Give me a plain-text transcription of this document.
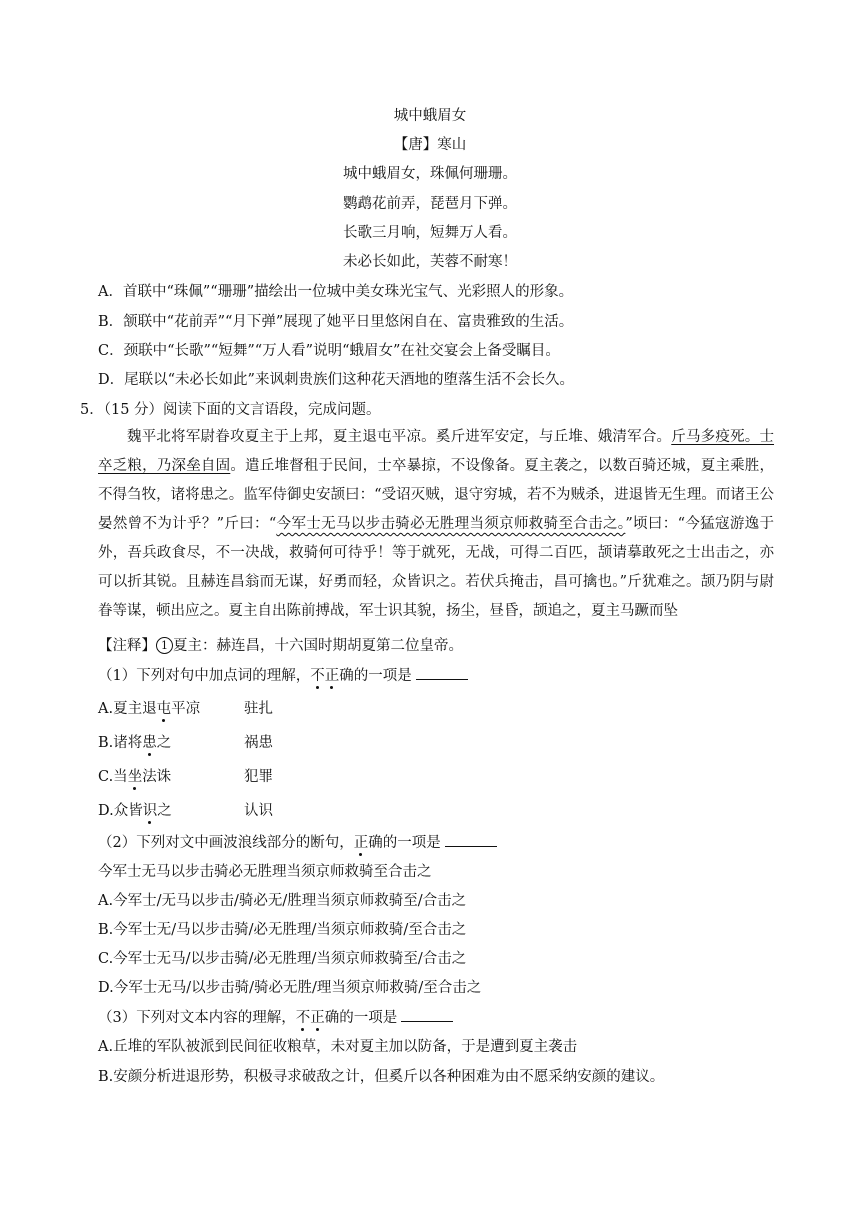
城中蛾眉女
【唐】寒山
城中蛾眉女，珠佩何珊珊。
鹦鹉花前弄，琵琶月下弹。
长歌三月响，短舞万人看。
未必长如此，芙蓉不耐寒！
A．首联中“珠佩”“珊珊”描绘出一位城中美女珠光宝气、光彩照人的形象。
B．颔联中“花前弄”“月下弹”展现了她平日里悠闲自在、富贵雅致的生活。
C．颈联中“长歌”“短舞”“万人看”说明“蛾眉女”在社交宴会上备受瞩目。
D．尾联以“未必长如此”来讽刺贵族们这种花天酒地的堕落生活不会长久。
5．（15 分）阅读下面的文言语段，完成问题。

魏平北将军尉眷攻夏主于上邦，夏主退屯平凉。奚斤进军安定，与丘堆、娥清军合。斤马多疫死。士卒乏粮，乃深垒自固。遣丘堆督租于民间，士卒暴掠，不设像备。夏主袭之，以数百骑还城，夏主乘胜，不得刍牧，诸将患之。监军侍御史安颉曰：“受诏灭贼，退守穷城，若不为贼杀，进退皆无生理。而诸王公晏然曾不为计乎？”斤曰：“今军士无马以步击骑必无胜理当须京师救骑至合击之。”顷曰：“今猛寇游逸于外，吾兵政食尽，不一决战，救骑何可待乎！等于就死，无战，可得二百匹，颉请摹敢死之士出击之，亦可以折其锐。且赫连昌翁而无谋，好勇而轻，众皆识之。若伏兵掩击，昌可擒也。”斤犹难之。颉乃阴与尉眷等谋，顿出应之。夏主自出陈前搏战，军士识其貌，扬尘，昼昏，颉追之，夏主马蹶而坠

【注释】 1 夏主：赫连昌，十六国时期胡夏第二位皇帝。
（1）下列对句中加点词的理解，不正确的一项是
A.夏主退屯平凉	驻扎
B.诸将患之	祸患
C.当坐法诛	犯罪
D.众皆识之	认识
（2）下列对文中画波浪线部分的断句，正确的一项是
今军士无马以步击骑必无胜理当须京师救骑至合击之
A.今军士/无马以步击/骑必无/胜理当须京师救骑至/合击之
B.今军士无/马以步击骑/必无胜理/当须京师救骑/至合击之
C.今军士无马/以步击骑/必无胜理/当须京师救骑至/合击之
D.今军士无马/以步击骑/骑必无胜/理当须京师救骑/至合击之
（3）下列对文本内容的理解，不正确的一项是
A.丘堆的军队被派到民间征收粮草，未对夏主加以防备，于是遭到夏主袭击
B.安颜分析进退形势，积极寻求破敌之计，但奚斤以各种困难为由不愿采纳安颜的建议。
